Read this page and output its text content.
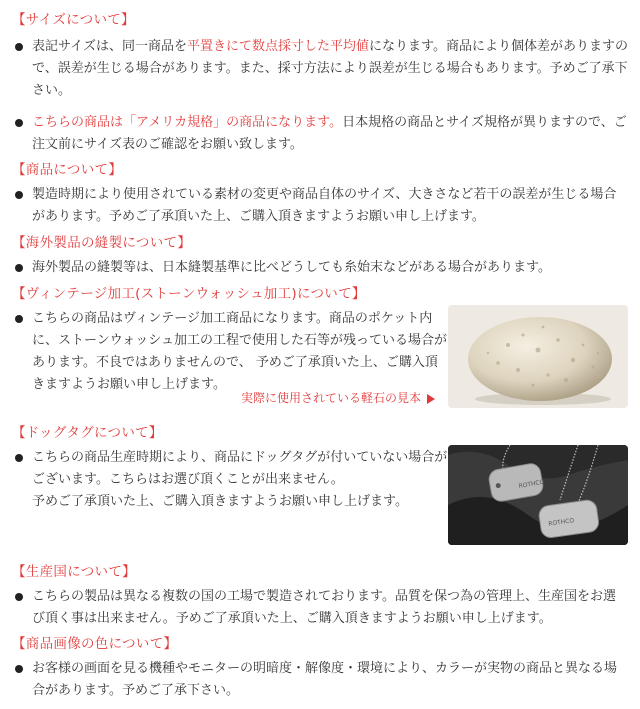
【サイズについて】
表記サイズは、同一商品を平置きにて数点採寸した平均値になります。商品により個体差がありますので、誤差が生じる場合があります。また、採寸方法により誤差が生じる場合もあります。予めご了承下さい。
こちらの商品は「アメリカ規格」の商品になります。日本規格の商品とサイズ規格が異りますので、ご注文前にサイズ表のご確認をお願い致します。
【商品について】
製造時期により使用されている素材の変更や商品自体のサイズ、大きさなど若干の誤差が生じる場合があります。予めご了承頂いた上、ご購入頂きますようお願い申し上げます。
【海外製品の縫製について】
海外製品の縫製等は、日本縫製基準に比べどうしても糸始末などがある場合があります。
【ヴィンテージ加工(ストーンウォッシュ加工)について】
こちらの商品はヴィンテージ加工商品になります。商品のポケット内に、ストーンウォッシュ加工の工程で使用した石等が残っている場合があります。不良ではありませんので、 予めご了承頂いた上、ご購入頂きますようお願い申し上げます。
実際に使用されている軽石の見本
【ドッグタグについて】
こちらの商品生産時期により、商品にドッグタグが付いていない場合がございます。こちらはお選び頂くことが出来ません。
予めご了承頂いた上、ご購入頂きますようお願い申し上げます。
ROTHCO
ROTHCO
【生産国について】
こちらの製品は異なる複数の国の工場で製造されております。品質を保つ為の管理上、生産国をお選び頂く事は出来ません。予めご了承頂いた上、ご購入頂きますようお願い申し上げます。
【商品画像の色について】
お客様の画面を見る機種やモニターの明暗度・解像度・環境により、カラーが実物の商品と異なる場合があります。予めご了承下さい。
